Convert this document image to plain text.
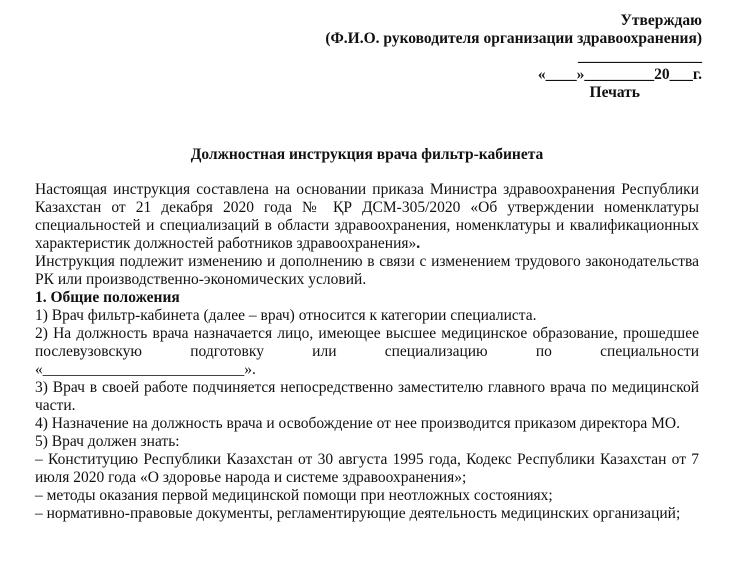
Утверждаю
(Ф.И.О. руководителя организации здравоохранения)
________________
«____»_________20___г.
Печать
Должностная инструкция врача фильтр-кабинета

Настоящая инструкция составлена на основании приказа Министра здравоохранения Республики Казахстан от 21 декабря 2020 года № ҚР ДСМ-305/2020 «Об утверждении номенклатуры специальностей и специализаций в области здравоохранения, номенклатуры и квалификационных характеристик должностей работников здравоохранения».

Инструкция подлежит изменению и дополнению в связи с изменением трудового законодательства РК или производственно-экономических условий.

1. Общие положения

1) Врач фильтр-кабинета (далее – врач) относится к категории специалиста.

2) На должность врача назначается лицо, имеющее высшее медицинское образование, прошедшее послевузовскую подготовку или специализацию по специальности «__________________________».

3) Врач в своей работе подчиняется непосредственно заместителю главного врача по медицинской части.

4) Назначение на должность врача и освобождение от нее производится приказом директора МО.

5) Врач должен знать:

– Конституцию Республики Казахстан от 30 августа 1995 года, Кодекс Республики Казахстан от 7 июля 2020 года «О здоровье народа и системе здравоохранения»;

– методы оказания первой медицинской помощи при неотложных состояниях;

– нормативно-правовые документы, регламентирующие деятельность медицинских организаций;
